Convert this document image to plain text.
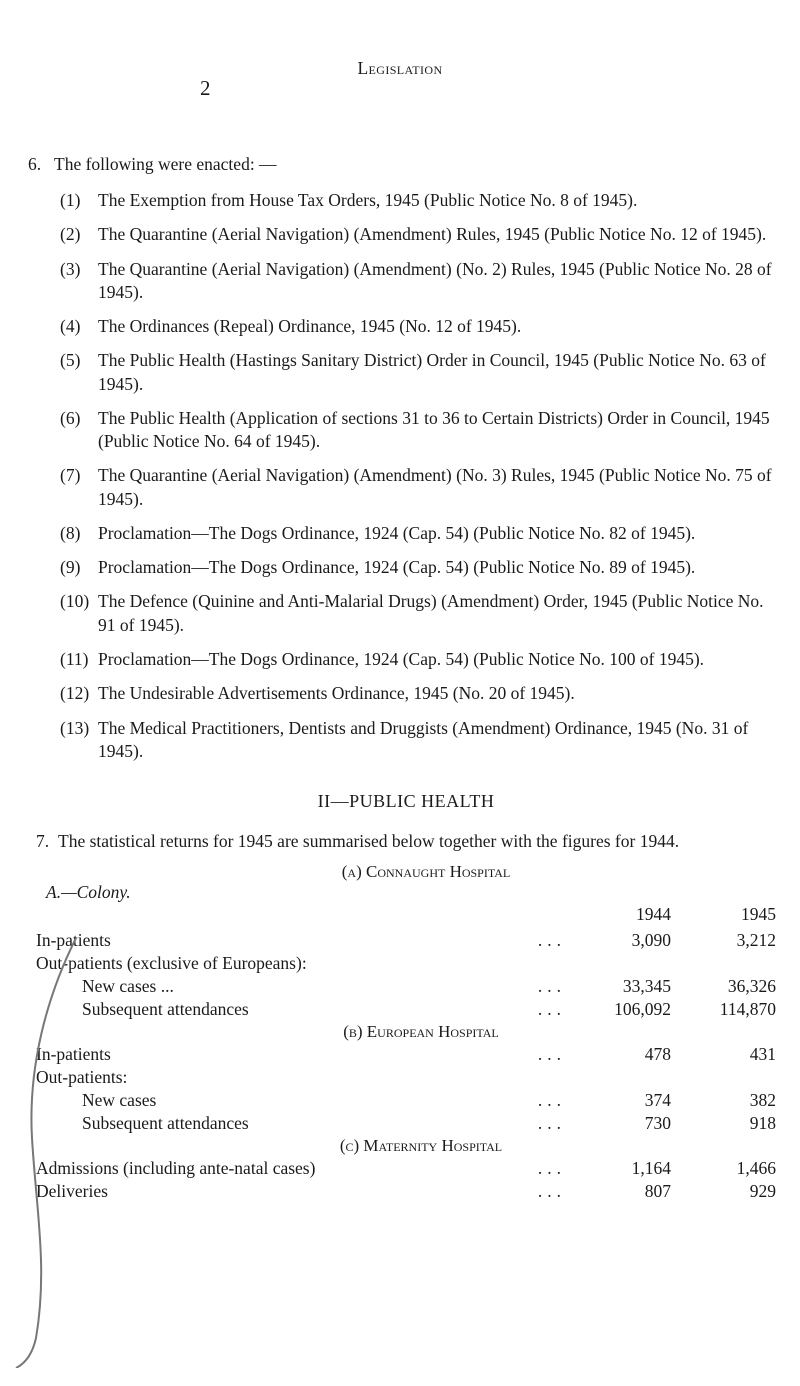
2
Legislation

6. The following were enacted: —

(1)	The Exemption from House Tax Orders, 1945 (Public Notice No. 8 of 1945).
(2)	The Quarantine (Aerial Navigation) (Amendment) Rules, 1945 (Public Notice No. 12 of 1945).
(3)	The Quarantine (Aerial Navigation) (Amendment) (No. 2) Rules, 1945 (Public Notice No. 28 of 1945).
(4)	The Ordinances (Repeal) Ordinance, 1945 (No. 12 of 1945).
(5)	The Public Health (Hastings Sanitary District) Order in Council, 1945 (Public Notice No. 63 of 1945).
(6)	The Public Health (Application of sections 31 to 36 to Certain Districts) Order in Council, 1945 (Public Notice No. 64 of 1945).
(7)	The Quarantine (Aerial Navigation) (Amendment) (No. 3) Rules, 1945 (Public Notice No. 75 of 1945).
(8)	Proclamation—The Dogs Ordinance, 1924 (Cap. 54) (Public Notice No. 82 of 1945).
(9)	Proclamation—The Dogs Ordinance, 1924 (Cap. 54) (Public Notice No. 89 of 1945).
(10) The Defence (Quinine and Anti-Malarial Drugs) (Amendment) Order, 1945 (Public Notice No. 91 of 1945).
(11) Proclamation—The Dogs Ordinance, 1924 (Cap. 54) (Public Notice No. 100 of 1945).
(12) The Undesirable Advertisements Ordinance, 1945 (No. 20 of 1945).
(13) The Medical Practitioners, Dentists and Druggists (Amendment) Ordinance, 1945 (No. 31 of 1945).
II—PUBLIC HEALTH

7. The statistical returns for 1945 are summarised below together with the figures for 1944.

(a) Connaught Hospital
A.—Colony.
		1944	1945
In-patients	...	3,090	3,212
Out-patients (exclusive of Europeans):			
New cases ...	...	33,345	36,326
Subsequent attendances	...	106,092	114,870
(b) European Hospital			
In-patients	...	478	431
Out-patients:			
New cases	...	374	382
Subsequent attendances	...	730	918
(c) Maternity Hospital			
Admissions (including ante-natal cases)	...	1,164	1,466
Deliveries	...	807	929
